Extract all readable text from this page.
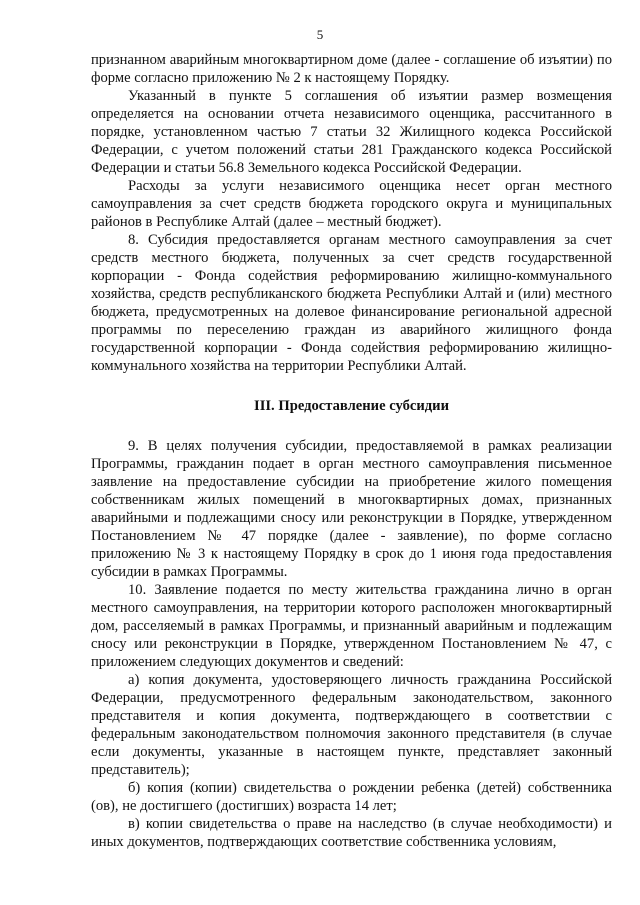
5

признанном аварийным многоквартирном доме (далее - соглашение об изъятии) по форме согласно приложению № 2 к настоящему Порядку.

Указанный в пункте 5 соглашения об изъятии размер возмещения определяется на основании отчета независимого оценщика, рассчитанного в порядке, установленном частью 7 статьи 32 Жилищного кодекса Российской Федерации, с учетом положений статьи 281 Гражданского кодекса Российской Федерации и статьи 56.8 Земельного кодекса Российской Федерации.

Расходы за услуги независимого оценщика несет орган местного самоуправления за счет средств бюджета городского округа и муниципальных районов в Республике Алтай (далее – местный бюджет).

8. Субсидия предоставляется органам местного самоуправления за счет средств местного бюджета, полученных за счет средств государственной корпорации - Фонда содействия реформированию жилищно-коммунального хозяйства, средств республиканского бюджета Республики Алтай и (или) местного бюджета, предусмотренных на долевое финансирование региональной адресной программы по переселению граждан из аварийного жилищного фонда государственной корпорации - Фонда содействия реформированию жилищно-коммунального хозяйства на территории Республики Алтай.

III. Предоставление субсидии

9. В целях получения субсидии, предоставляемой в рамках реализации Программы, гражданин подает в орган местного самоуправления письменное заявление на предоставление субсидии на приобретение жилого помещения собственникам жилых помещений в многоквартирных домах, признанных аварийными и подлежащими сносу или реконструкции в Порядке, утвержденном Постановлением № 47 порядке (далее - заявление), по форме согласно приложению № 3 к настоящему Порядку в срок до 1 июня года предоставления субсидии в рамках Программы.

10. Заявление подается по месту жительства гражданина лично в орган местного самоуправления, на территории которого расположен многоквартирный дом, расселяемый в рамках Программы, и признанный аварийным и подлежащим сносу или реконструкции в Порядке, утвержденном Постановлением № 47, с приложением следующих документов и сведений:

а) копия документа, удостоверяющего личность гражданина Российской Федерации, предусмотренного федеральным законодательством, законного представителя и копия документа, подтверждающего в соответствии с федеральным законодательством полномочия законного представителя (в случае если документы, указанные в настоящем пункте, представляет законный представитель);

б) копия (копии) свидетельства о рождении ребенка (детей) собственника (ов), не достигшего (достигших) возраста 14 лет;

в) копии свидетельства о праве на наследство (в случае необходимости) и иных документов, подтверждающих соответствие собственника условиям,
